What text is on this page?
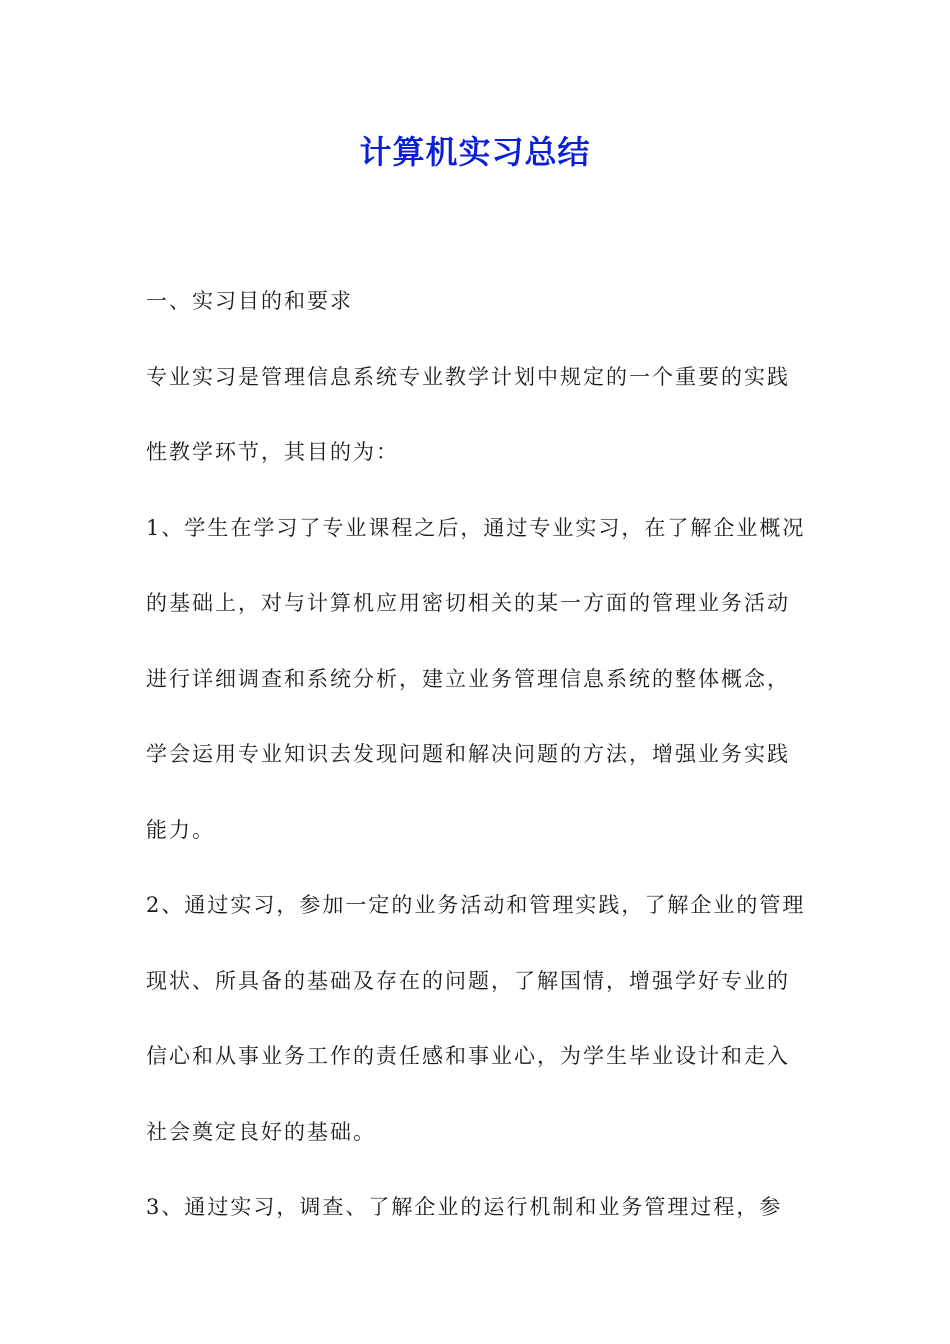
计算机实习总结

一、实习目的和要求

专业实习是管理信息系统专业教学计划中规定的一个重要的实践性教学环节，其目的为：

1、学生在学习了专业课程之后，通过专业实习，在了解企业概况的基础上，对与计算机应用密切相关的某一方面的管理业务活动进行详细调查和系统分析，建立业务管理信息系统的整体概念，学会运用专业知识去发现问题和解决问题的方法，增强业务实践能力。

2、通过实习，参加一定的业务活动和管理实践，了解企业的管理现状、所具备的基础及存在的问题，了解国情，增强学好专业的信心和从事业务工作的责任感和事业心，为学生毕业设计和走入社会奠定良好的基础。

3、通过实习，调查、了解企业的运行机制和业务管理过程，参
